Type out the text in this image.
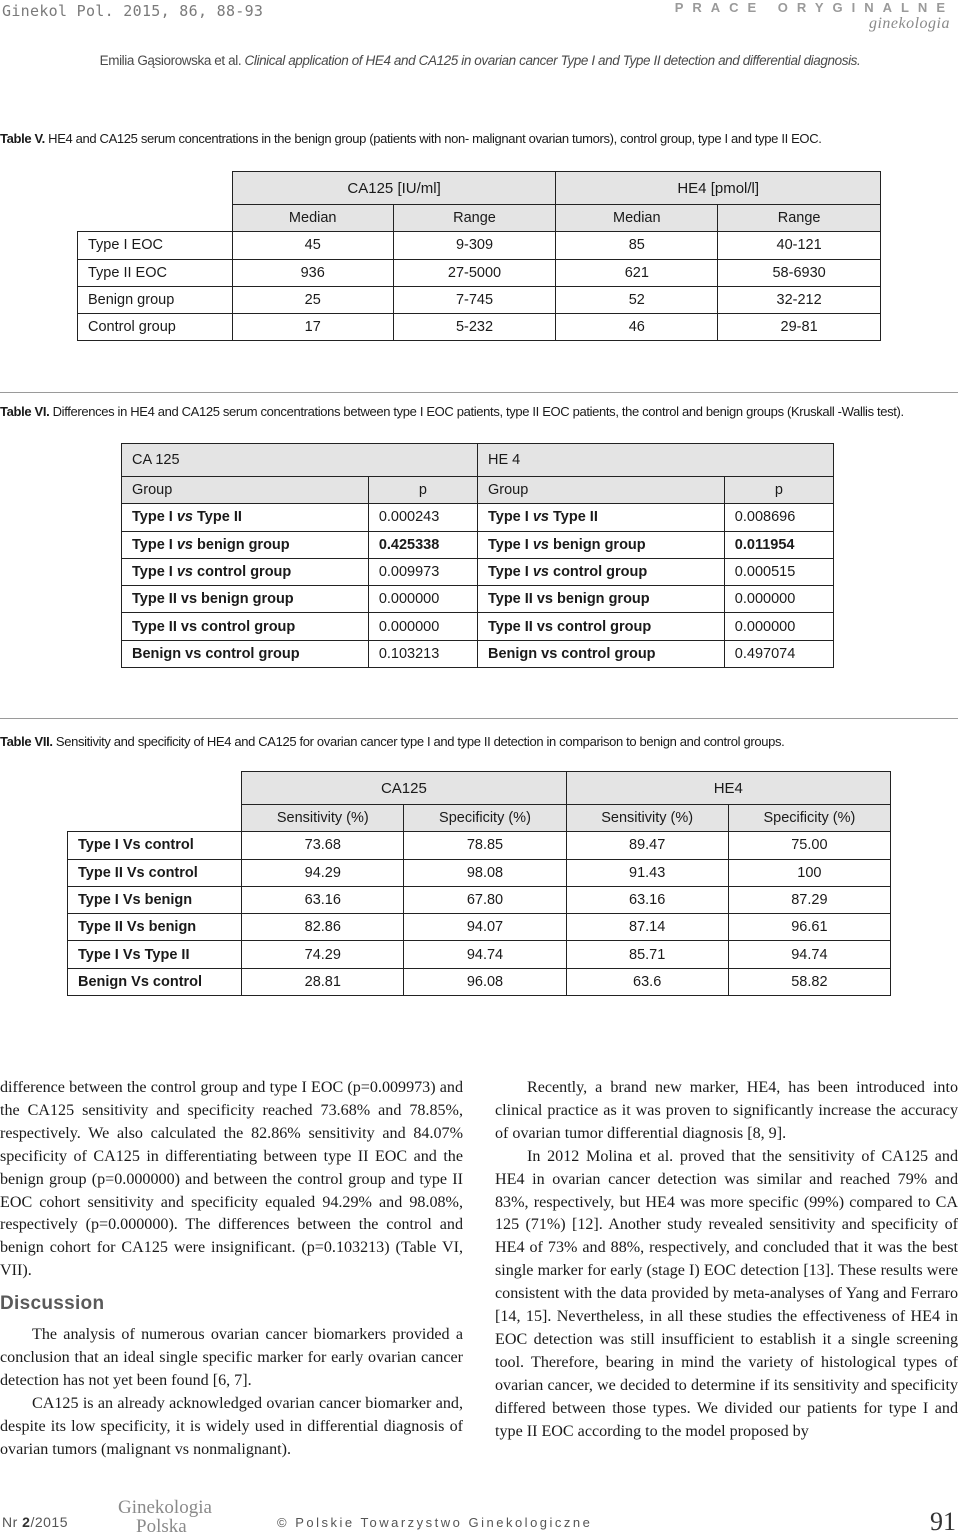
Ginekol Pol. 2015, 86, 88-93	PRACE ORYGINALNE
ginekologia
Emilia Gąsiorowska et al. Clinical application of HE4 and CA125 in ovarian cancer Type I and Type II detection and differential diagnosis.
Table V. HE4 and CA125 serum concentrations in the benign group (patients with non- malignant ovarian tumors), control group, type I and type II EOC.
	CA125 [IU/ml]		HE4 [pmol/l]	
	Median	Range	Median	Range
Type I EOC	45	9-309	85	40-121
Type II EOC	936	27-5000	621	58-6930
Benign group	25	7-745	52	32-212
Control group	17	5-232	46	29-81
Table VI. Differences in HE4 and CA125 serum concentrations between type I EOC patients, type II EOC patients, the control and benign groups (Kruskall -Wallis test).
CA 125		HE 4	
Group	p	Group	p
Type I vs Type II	0.000243	Type I vs Type II	0.008696
Type I vs benign group	0.425338	Type I vs benign group	0.011954
Type I vs control group	0.009973	Type I vs control group	0.000515
Type II vs benign group	0.000000	Type II vs benign group	0.000000
Type II vs control group	0.000000	Type II vs control group	0.000000
Benign vs control group	0.103213	Benign vs control group	0.497074
Table VII. Sensitivity and specificity of HE4 and CA125 for ovarian cancer type I and type II detection in comparison to benign and control groups.
	CA125		HE4	
	Sensitivity (%)	Specificity (%)	Sensitivity (%)	Specificity (%)
Type I Vs control	73.68	78.85	89.47	75.00
Type II Vs control	94.29	98.08	91.43	100
Type I Vs benign	63.16	67.80	63.16	87.29
Type II Vs benign	82.86	94.07	87.14	96.61
Type I Vs Type II	74.29	94.74	85.71	94.74
Benign Vs control	28.81	96.08	63.6	58.82

difference between the control group and type I EOC (p=0.009973) and the CA125 sensitivity and specificity reached 73.68% and 78.85%, respectively. We also calculated the 82.86% sensitivity and 84.07% specificity of CA125 in differentiating between type II EOC and the benign group (p=0.000000) and between the control group and type II EOC cohort sensitivity and specificity equaled 94.29% and 98.08%, respectively (p=0.000000). The differences between the control and benign cohort for CA125 were insignificant. (p=0.103213) (Table VI, VII).

Discussion

The analysis of numerous ovarian cancer biomarkers provided a conclusion that an ideal single specific marker for early ovarian cancer detection has not yet been found [6, 7].

CA125 is an already acknowledged ovarian cancer biomarker and, despite its low specificity, it is widely used in differential diagnosis of ovarian tumors (malignant vs nonmalignant).

Recently, a brand new marker, HE4, has been introduced into clinical practice as it was proven to significantly increase the accuracy of ovarian tumor differential diagnosis [8, 9].

In 2012 Molina et al. proved that the sensitivity of CA125 and HE4 in ovarian cancer detection was similar and reached 79% and 83%, respectively, but HE4 was more specific (99%) compared to CA 125 (71%) [12]. Another study revealed sensitivity and specificity of HE4 of 73% and 88%, respectively, and concluded that it was the best single marker for early (stage I) EOC detection [13]. These results were consistent with the data provided by meta-analyses of Yang and Ferraro [14, 15]. Nevertheless, in all these studies the effectiveness of HE4 in EOC detection was still insufficient to establish it a single screening tool. Therefore, bearing in mind the variety of histological types of ovarian cancer, we decided to determine if its sensitivity and specificity differed between those types. We divided our patients for type I and type II EOC according to the model proposed by

Nr 2/2015
Ginekologia
Polska	© Polskie Towarzystwo Ginekologiczne	91
